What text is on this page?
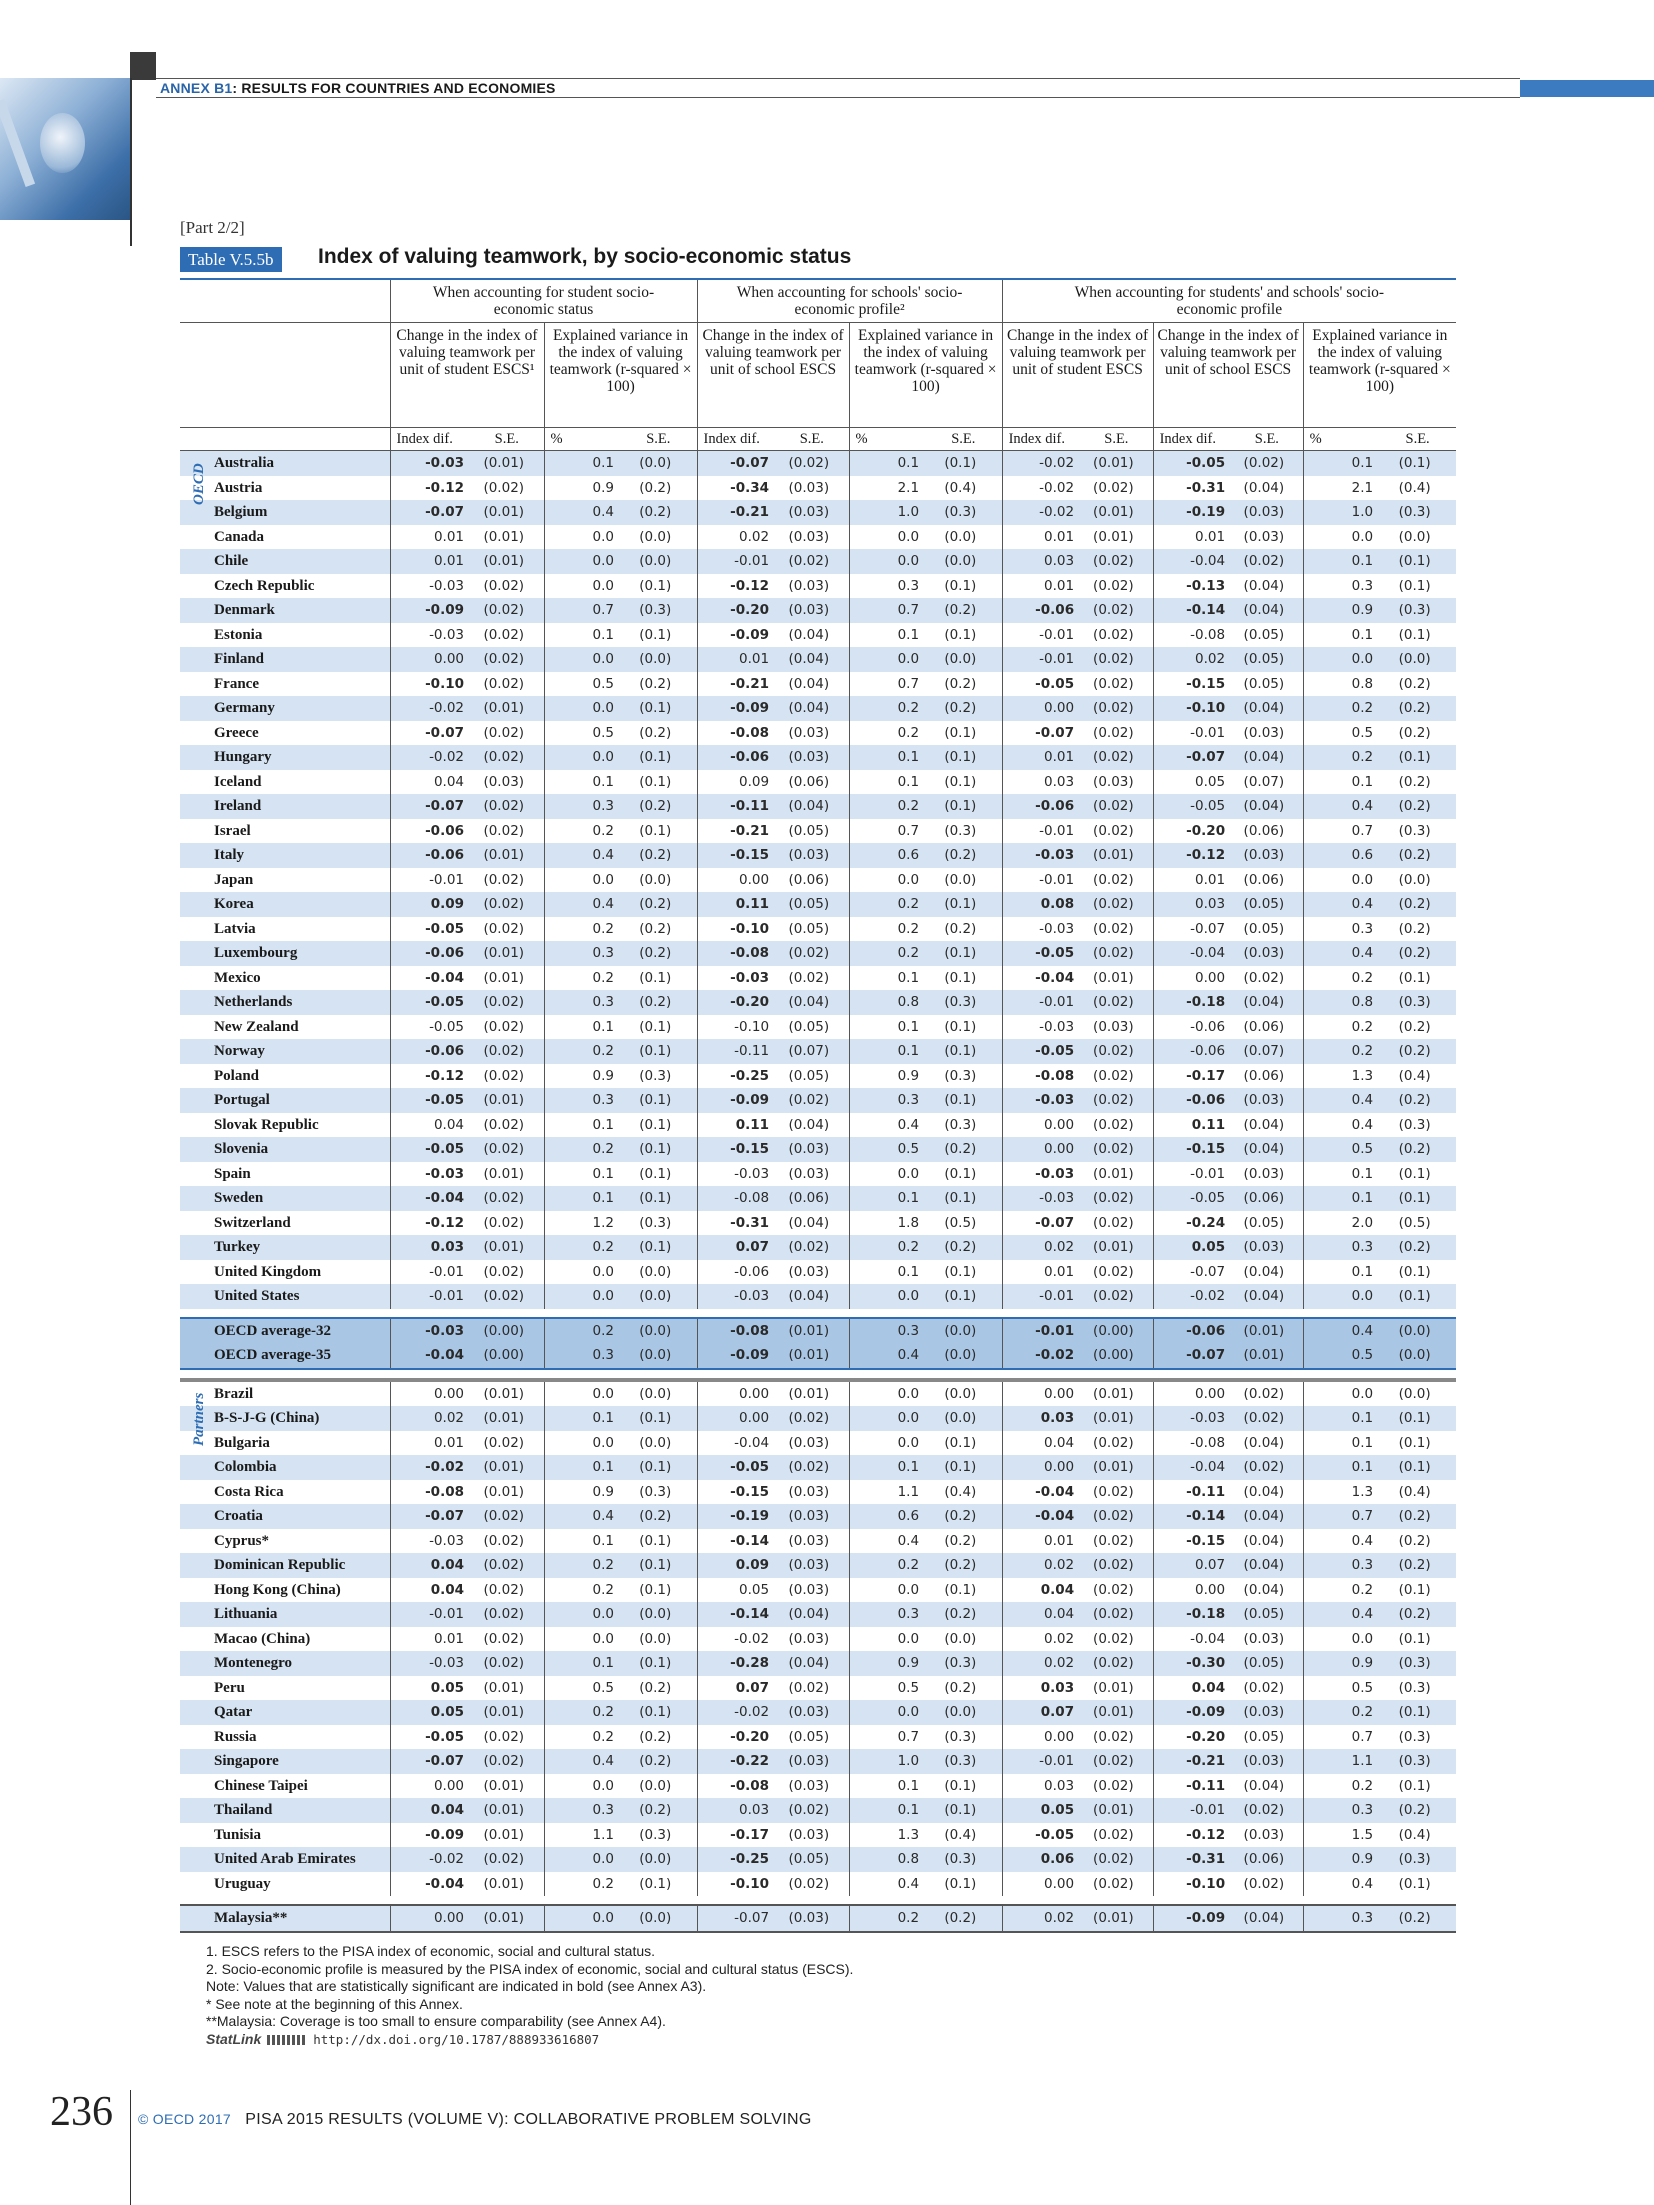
ANNEX B1: RESULTS FOR COUNTRIES AND ECONOMIES
[Part 2/2]
Table V.5.5b	Index of valuing teamwork, by socio-economic status
	When accounting for student socio-economic status				When accounting for schools' socio-economic profile²				When accounting for students' and schools' socio-economic profile					
	Change in the index of valuing teamwork per unit of student ESCS¹		Explained variance in the index of valuing teamwork (r-squared × 100)		Change in the index of valuing teamwork per unit of school ESCS		Explained variance in the index of valuing teamwork (r-squared × 100)		Change in the index of valuing teamwork per unit of student ESCS		Change in the index of valuing teamwork per unit of school ESCS		Explained variance in the index of valuing teamwork (r-squared × 100)	
	Index dif.	S.E.	%	S.E.	Index dif.	S.E.	%	S.E.	Index dif.	S.E.	Index dif.	S.E.	%	S.E.
Australia	-0.03	(0.01)	0.1	(0.0)	-0.07	(0.02)	0.1	(0.1)	-0.02	(0.01)	-0.05	(0.02)	0.1	(0.1)
Austria	-0.12	(0.02)	0.9	(0.2)	-0.34	(0.03)	2.1	(0.4)	-0.02	(0.02)	-0.31	(0.04)	2.1	(0.4)
Belgium	-0.07	(0.01)	0.4	(0.2)	-0.21	(0.03)	1.0	(0.3)	-0.02	(0.01)	-0.19	(0.03)	1.0	(0.3)
Canada	0.01	(0.01)	0.0	(0.0)	0.02	(0.03)	0.0	(0.0)	0.01	(0.01)	0.01	(0.03)	0.0	(0.0)
Chile	0.01	(0.01)	0.0	(0.0)	-0.01	(0.02)	0.0	(0.0)	0.03	(0.02)	-0.04	(0.02)	0.1	(0.1)
Czech Republic	-0.03	(0.02)	0.0	(0.1)	-0.12	(0.03)	0.3	(0.1)	0.01	(0.02)	-0.13	(0.04)	0.3	(0.1)
Denmark	-0.09	(0.02)	0.7	(0.3)	-0.20	(0.03)	0.7	(0.2)	-0.06	(0.02)	-0.14	(0.04)	0.9	(0.3)
Estonia	-0.03	(0.02)	0.1	(0.1)	-0.09	(0.04)	0.1	(0.1)	-0.01	(0.02)	-0.08	(0.05)	0.1	(0.1)
Finland	0.00	(0.02)	0.0	(0.0)	0.01	(0.04)	0.0	(0.0)	-0.01	(0.02)	0.02	(0.05)	0.0	(0.0)
France	-0.10	(0.02)	0.5	(0.2)	-0.21	(0.04)	0.7	(0.2)	-0.05	(0.02)	-0.15	(0.05)	0.8	(0.2)
Germany	-0.02	(0.01)	0.0	(0.1)	-0.09	(0.04)	0.2	(0.2)	0.00	(0.02)	-0.10	(0.04)	0.2	(0.2)
Greece	-0.07	(0.02)	0.5	(0.2)	-0.08	(0.03)	0.2	(0.1)	-0.07	(0.02)	-0.01	(0.03)	0.5	(0.2)
Hungary	-0.02	(0.02)	0.0	(0.1)	-0.06	(0.03)	0.1	(0.1)	0.01	(0.02)	-0.07	(0.04)	0.2	(0.1)
Iceland	0.04	(0.03)	0.1	(0.1)	0.09	(0.06)	0.1	(0.1)	0.03	(0.03)	0.05	(0.07)	0.1	(0.2)
Ireland	-0.07	(0.02)	0.3	(0.2)	-0.11	(0.04)	0.2	(0.1)	-0.06	(0.02)	-0.05	(0.04)	0.4	(0.2)
Israel	-0.06	(0.02)	0.2	(0.1)	-0.21	(0.05)	0.7	(0.3)	-0.01	(0.02)	-0.20	(0.06)	0.7	(0.3)
Italy	-0.06	(0.01)	0.4	(0.2)	-0.15	(0.03)	0.6	(0.2)	-0.03	(0.01)	-0.12	(0.03)	0.6	(0.2)
Japan	-0.01	(0.02)	0.0	(0.0)	0.00	(0.06)	0.0	(0.0)	-0.01	(0.02)	0.01	(0.06)	0.0	(0.0)
Korea	0.09	(0.02)	0.4	(0.2)	0.11	(0.05)	0.2	(0.1)	0.08	(0.02)	0.03	(0.05)	0.4	(0.2)
Latvia	-0.05	(0.02)	0.2	(0.2)	-0.10	(0.05)	0.2	(0.2)	-0.03	(0.02)	-0.07	(0.05)	0.3	(0.2)
Luxembourg	-0.06	(0.01)	0.3	(0.2)	-0.08	(0.02)	0.2	(0.1)	-0.05	(0.02)	-0.04	(0.03)	0.4	(0.2)
Mexico	-0.04	(0.01)	0.2	(0.1)	-0.03	(0.02)	0.1	(0.1)	-0.04	(0.01)	0.00	(0.02)	0.2	(0.1)
Netherlands	-0.05	(0.02)	0.3	(0.2)	-0.20	(0.04)	0.8	(0.3)	-0.01	(0.02)	-0.18	(0.04)	0.8	(0.3)
New Zealand	-0.05	(0.02)	0.1	(0.1)	-0.10	(0.05)	0.1	(0.1)	-0.03	(0.03)	-0.06	(0.06)	0.2	(0.2)
Norway	-0.06	(0.02)	0.2	(0.1)	-0.11	(0.07)	0.1	(0.1)	-0.05	(0.02)	-0.06	(0.07)	0.2	(0.2)
Poland	-0.12	(0.02)	0.9	(0.3)	-0.25	(0.05)	0.9	(0.3)	-0.08	(0.02)	-0.17	(0.06)	1.3	(0.4)
Portugal	-0.05	(0.01)	0.3	(0.1)	-0.09	(0.02)	0.3	(0.1)	-0.03	(0.02)	-0.06	(0.03)	0.4	(0.2)
Slovak Republic	0.04	(0.02)	0.1	(0.1)	0.11	(0.04)	0.4	(0.3)	0.00	(0.02)	0.11	(0.04)	0.4	(0.3)
Slovenia	-0.05	(0.02)	0.2	(0.1)	-0.15	(0.03)	0.5	(0.2)	0.00	(0.02)	-0.15	(0.04)	0.5	(0.2)
Spain	-0.03	(0.01)	0.1	(0.1)	-0.03	(0.03)	0.0	(0.1)	-0.03	(0.01)	-0.01	(0.03)	0.1	(0.1)
Sweden	-0.04	(0.02)	0.1	(0.1)	-0.08	(0.06)	0.1	(0.1)	-0.03	(0.02)	-0.05	(0.06)	0.1	(0.1)
Switzerland	-0.12	(0.02)	1.2	(0.3)	-0.31	(0.04)	1.8	(0.5)	-0.07	(0.02)	-0.24	(0.05)	2.0	(0.5)
Turkey	0.03	(0.01)	0.2	(0.1)	0.07	(0.02)	0.2	(0.2)	0.02	(0.01)	0.05	(0.03)	0.3	(0.2)
United Kingdom	-0.01	(0.02)	0.0	(0.0)	-0.06	(0.03)	0.1	(0.1)	0.01	(0.02)	-0.07	(0.04)	0.1	(0.1)
United States	-0.01	(0.02)	0.0	(0.0)	-0.03	(0.04)	0.0	(0.1)	-0.01	(0.02)	-0.02	(0.04)	0.0	(0.1)

OECD average-32	-0.03	(0.00)	0.2	(0.0)	-0.08	(0.01)	0.3	(0.0)	-0.01	(0.00)	-0.06	(0.01)	0.4	(0.0)
OECD average-35	-0.04	(0.00)	0.3	(0.0)	-0.09	(0.01)	0.4	(0.0)	-0.02	(0.00)	-0.07	(0.01)	0.5	(0.0)

Brazil	0.00	(0.01)	0.0	(0.0)	0.00	(0.01)	0.0	(0.0)	0.00	(0.01)	0.00	(0.02)	0.0	(0.0)
B-S-J-G (China)	0.02	(0.01)	0.1	(0.1)	0.00	(0.02)	0.0	(0.0)	0.03	(0.01)	-0.03	(0.02)	0.1	(0.1)
Bulgaria	0.01	(0.02)	0.0	(0.0)	-0.04	(0.03)	0.0	(0.1)	0.04	(0.02)	-0.08	(0.04)	0.1	(0.1)
Colombia	-0.02	(0.01)	0.1	(0.1)	-0.05	(0.02)	0.1	(0.1)	0.00	(0.01)	-0.04	(0.02)	0.1	(0.1)
Costa Rica	-0.08	(0.01)	0.9	(0.3)	-0.15	(0.03)	1.1	(0.4)	-0.04	(0.02)	-0.11	(0.04)	1.3	(0.4)
Croatia	-0.07	(0.02)	0.4	(0.2)	-0.19	(0.03)	0.6	(0.2)	-0.04	(0.02)	-0.14	(0.04)	0.7	(0.2)
Cyprus*	-0.03	(0.02)	0.1	(0.1)	-0.14	(0.03)	0.4	(0.2)	0.01	(0.02)	-0.15	(0.04)	0.4	(0.2)
Dominican Republic	0.04	(0.02)	0.2	(0.1)	0.09	(0.03)	0.2	(0.2)	0.02	(0.02)	0.07	(0.04)	0.3	(0.2)
Hong Kong (China)	0.04	(0.02)	0.2	(0.1)	0.05	(0.03)	0.0	(0.1)	0.04	(0.02)	0.00	(0.04)	0.2	(0.1)
Lithuania	-0.01	(0.02)	0.0	(0.0)	-0.14	(0.04)	0.3	(0.2)	0.04	(0.02)	-0.18	(0.05)	0.4	(0.2)
Macao (China)	0.01	(0.02)	0.0	(0.0)	-0.02	(0.03)	0.0	(0.0)	0.02	(0.02)	-0.04	(0.03)	0.0	(0.1)
Montenegro	-0.03	(0.02)	0.1	(0.1)	-0.28	(0.04)	0.9	(0.3)	0.02	(0.02)	-0.30	(0.05)	0.9	(0.3)
Peru	0.05	(0.01)	0.5	(0.2)	0.07	(0.02)	0.5	(0.2)	0.03	(0.01)	0.04	(0.02)	0.5	(0.3)
Qatar	0.05	(0.01)	0.2	(0.1)	-0.02	(0.03)	0.0	(0.0)	0.07	(0.01)	-0.09	(0.03)	0.2	(0.1)
Russia	-0.05	(0.02)	0.2	(0.2)	-0.20	(0.05)	0.7	(0.3)	0.00	(0.02)	-0.20	(0.05)	0.7	(0.3)
Singapore	-0.07	(0.02)	0.4	(0.2)	-0.22	(0.03)	1.0	(0.3)	-0.01	(0.02)	-0.21	(0.03)	1.1	(0.3)
Chinese Taipei	0.00	(0.01)	0.0	(0.0)	-0.08	(0.03)	0.1	(0.1)	0.03	(0.02)	-0.11	(0.04)	0.2	(0.1)
Thailand	0.04	(0.01)	0.3	(0.2)	0.03	(0.02)	0.1	(0.1)	0.05	(0.01)	-0.01	(0.02)	0.3	(0.2)
Tunisia	-0.09	(0.01)	1.1	(0.3)	-0.17	(0.03)	1.3	(0.4)	-0.05	(0.02)	-0.12	(0.03)	1.5	(0.4)
United Arab Emirates	-0.02	(0.02)	0.0	(0.0)	-0.25	(0.05)	0.8	(0.3)	0.06	(0.02)	-0.31	(0.06)	0.9	(0.3)
Uruguay	-0.04	(0.01)	0.2	(0.1)	-0.10	(0.02)	0.4	(0.1)	0.00	(0.02)	-0.10	(0.02)	0.4	(0.1)

Malaysia**	0.00	(0.01)	0.0	(0.0)	-0.07	(0.03)	0.2	(0.2)	0.02	(0.01)	-0.09	(0.04)	0.3	(0.2)
OECD
Partners
1. ESCS refers to the PISA index of economic, social and cultural status.
2. Socio-economic profile is measured by the PISA index of economic, social and cultural status (ESCS).
Note: Values that are statistically significant are indicated in bold (see Annex A3).
* See note at the beginning of this Annex.
**Malaysia: Coverage is too small to ensure comparability (see Annex A4).
StatLink	http://dx.doi.org/10.1787/888933616807
236 © OECD 2017 PISA 2015 RESULTS (VOLUME V): COLLABORATIVE PROBLEM SOLVING
